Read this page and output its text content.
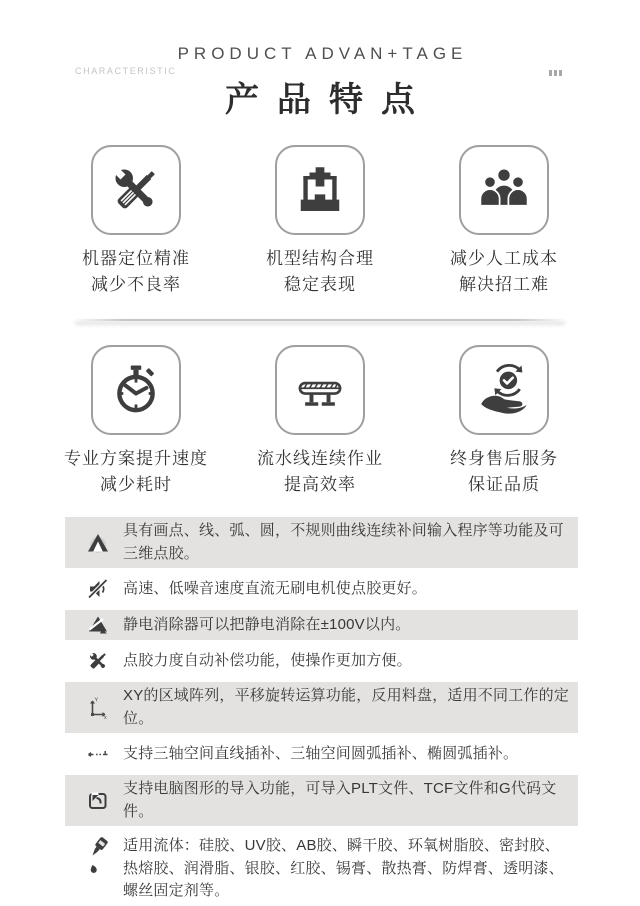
CHARACTERISTIC
PRODUCT ADVAN+TAGE
产品特点
机器定位精准
减少不良率
机型结构合理
稳定表现
减少人工成本
解决招工难
专业方案提升速度
减少耗时
流水线连续作业
提高效率
终身售后服务
保证品质
具有画点、线、弧、圆，不规则曲线连续补间输入程序等功能及可三维点胶。
高速、低噪音速度直流无刷电机使点胶更好。
静电消除器可以把静电消除在±100V以内。
点胶力度自动补偿功能，使操作更加方便。
Y
x
XY的区域阵列，平移旋转运算功能，反用料盘，适用不同工作的定位。
支持三轴空间直线插补、三轴空间圆弧插补、椭圆弧插补。
支持电脑图形的导入功能，可导入PLT文件、TCF文件和G代码文件。
适用流体：硅胶、UV胶、AB胶、瞬干胶、环氧树脂胶、密封胶、热熔胶、润滑脂、银胶、红胶、锡膏、散热膏、防焊膏、透明漆、螺丝固定剂等。
